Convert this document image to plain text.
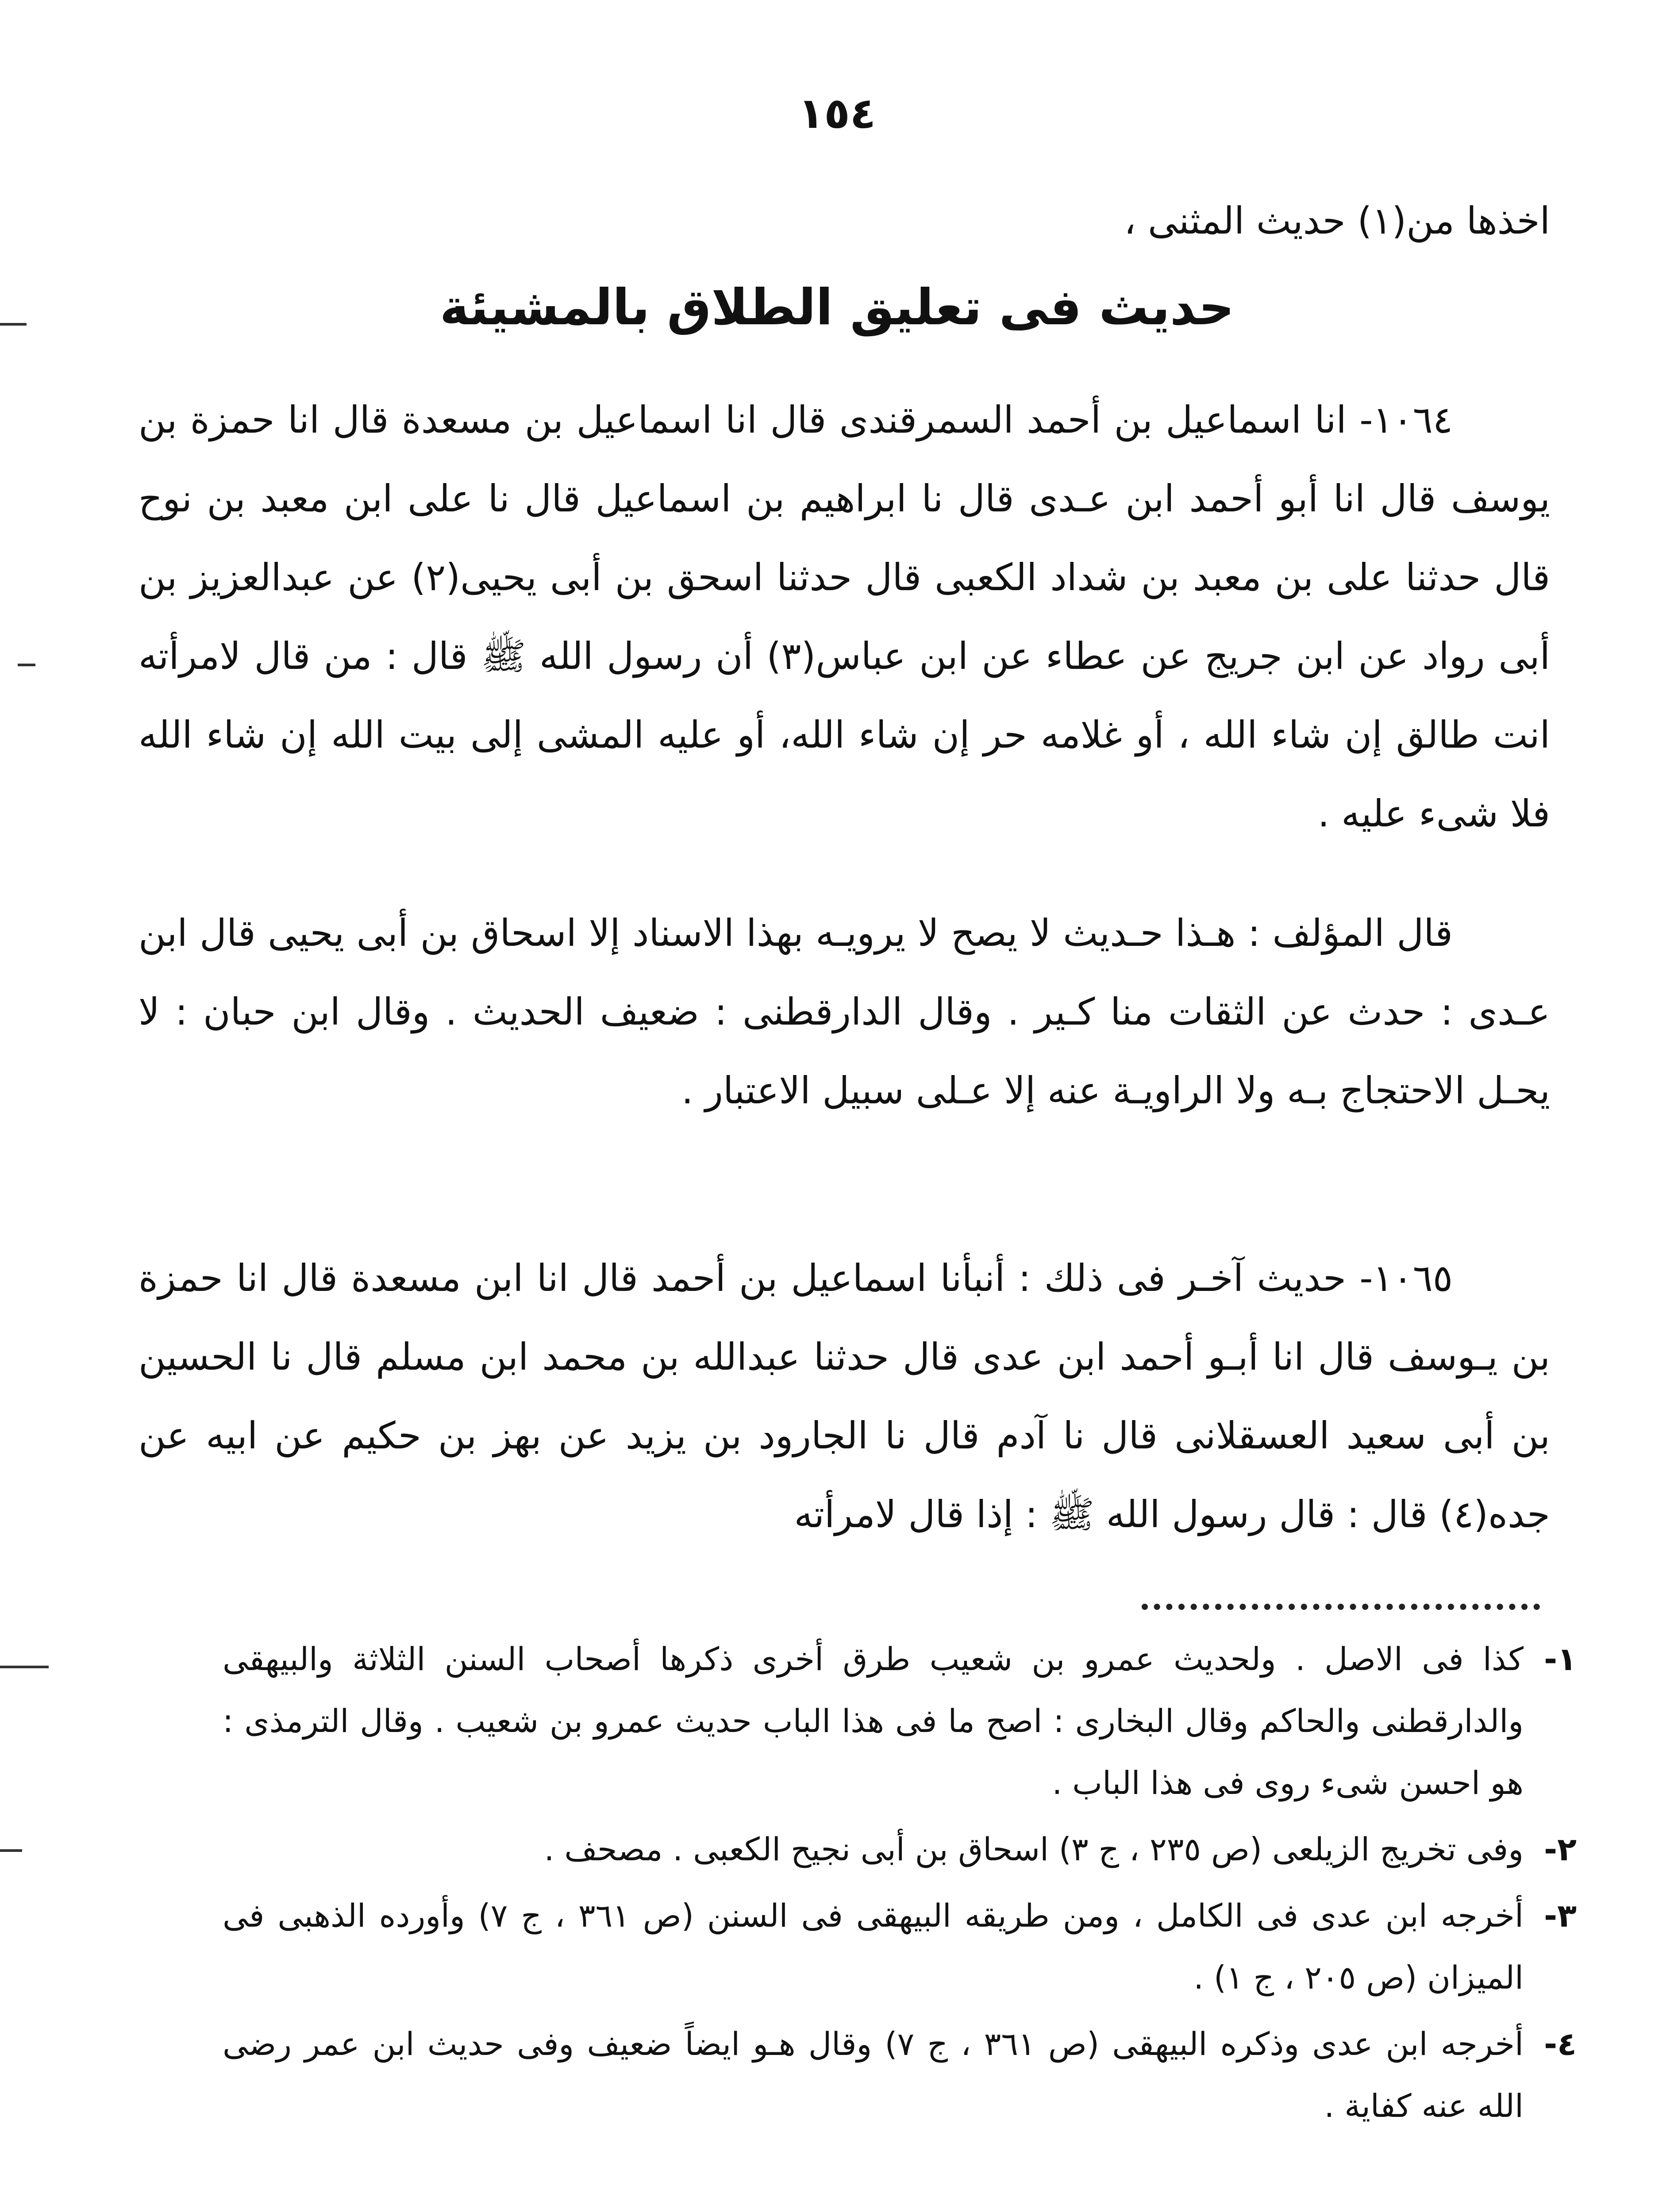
١٥٤
اخذها من(١) حديث المثنى ،
حديث فى تعليق الطلاق بالمشيئة

١٠٦٤- انا اسماعيل بن أحمد السمرقندى قال انا اسماعيل بن مسعدة قال انا حمزة بن يوسف قال انا أبو أحمد ابن عـدى قال نا ابراهيم بن اسماعيل قال نا على ابن معبد بن نوح قال حدثنا على بن معبد بن شداد الكعبى قال حدثنا اسحق بن أبى يحيى(٢) عن عبدالعزيز بن أبى رواد عن ابن جريج عن عطاء عن ابن عباس(٣) أن رسول الله ﷺ قال : من قال لامرأته انت طالق إن شاء الله ، أو غلامه حر إن شاء الله، أو عليه المشى إلى بيت الله إن شاء الله فلا شىء عليه .

قال المؤلف : هـذا حـديث لا يصح لا يرويـه بهذا الاسناد إلا اسحاق بن أبى يحيى قال ابن عـدى : حدث عن الثقات منا كـير . وقال الدارقطنى : ضعيف الحديث . وقال ابن حبان : لا يحـل الاحتجاج بـه ولا الراويـة عنه إلا عـلى سبيل الاعتبار .

١٠٦٥- حديث آخـر فى ذلك : أنبأنا اسماعيل بن أحمد قال انا ابن مسعدة قال انا حمزة بن يـوسف قال انا أبـو أحمد ابن عدى قال حدثنا عبدالله بن محمد ابن مسلم قال نا الحسين بن أبى سعيد العسقلانى قال نا آدم قال نا الجارود بن يزيد عن بهز بن حكيم عن ابيه عن جده(٤) قال : قال رسول الله ﷺ : إذا قال لامرأته

١-
كذا فى الاصل . ولحديث عمرو بن شعيب طرق أخرى ذكرها أصحاب السنن الثلاثة والبيهقى والدارقطنى والحاكم وقال البخارى : اصح ما فى هذا الباب حديث عمرو بن شعيب . وقال الترمذى : هو احسن شىء روى فى هذا الباب .
٢-
وفى تخريج الزيلعى (ص ٢٣٥ ، ج ٣) اسحاق بن أبى نجيح الكعبى . مصحف .
٣-
أخرجه ابن عدى فى الكامل ، ومن طريقه البيهقى فى السنن (ص ٣٦١ ، ج ٧) وأورده الذهبى فى الميزان (ص ٢٠٥ ، ج ١) .
٤-
أخرجه ابن عدى وذكره البيهقى (ص ٣٦١ ، ج ٧) وقال هـو ايضاً ضعيف وفى حديث ابن عمر رضى الله عنه كفاية .
